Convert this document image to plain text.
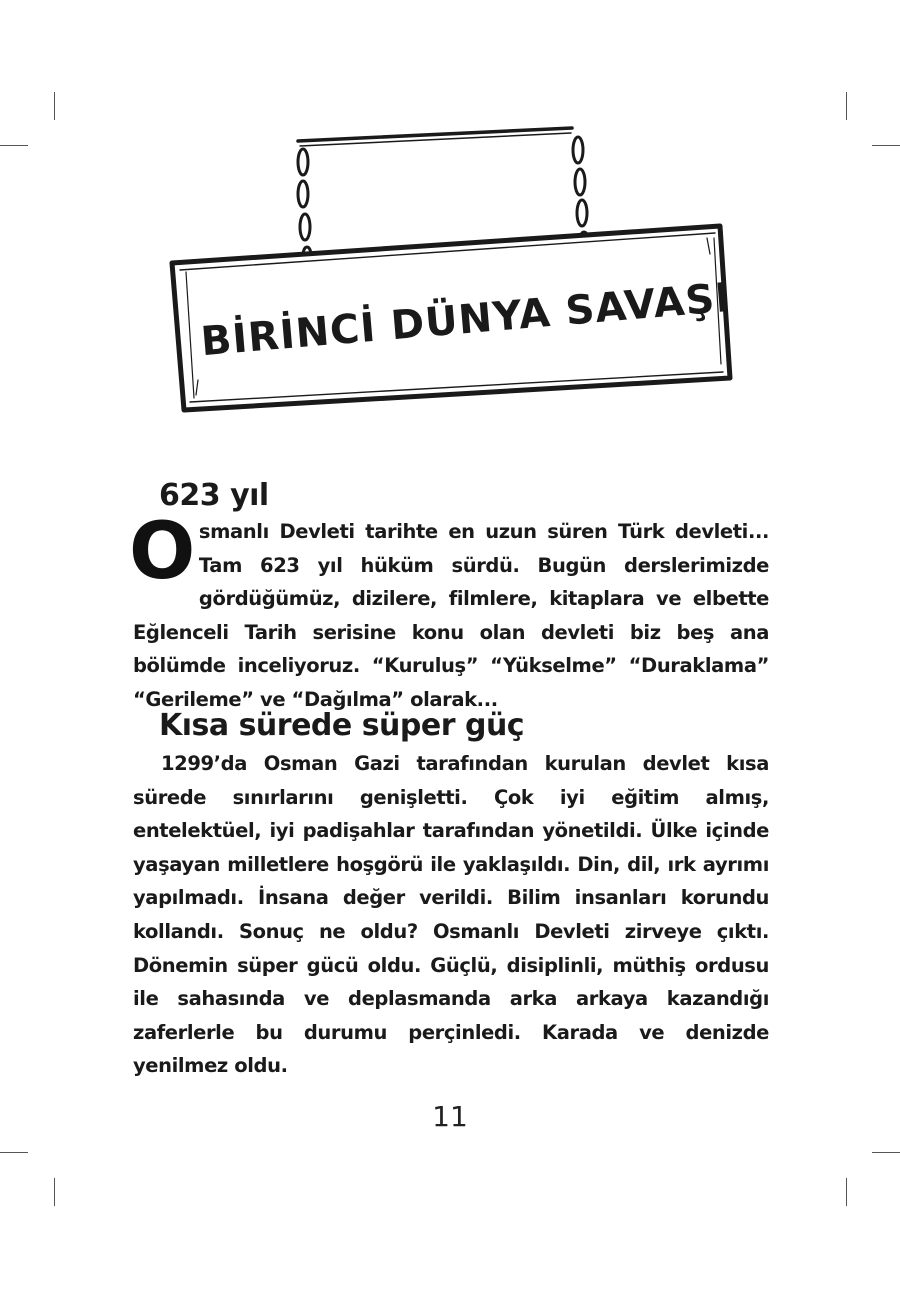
BİRİNCİ DÜNYA SAVAŞI
623 yıl

Osmanlı Devleti tarihte en uzun süren Türk devleti... Tam 623 yıl hüküm sürdü. Bugün derslerimizde gördüğümüz, dizilere, filmlere, kitaplara ve elbette Eğlenceli Tarih serisine konu olan devleti biz beş ana bölümde inceliyoruz. “Kuruluş” “Yükselme” “Duraklama” “Gerileme” ve “Dağılma” olarak...

Kısa sürede süper güç

1299’da Osman Gazi tarafından kurulan devlet kısa sürede sınırlarını genişletti. Çok iyi eğitim almış, entelektüel, iyi padişahlar tarafından yönetildi. Ülke içinde yaşayan milletlere hoşgörü ile yaklaşıldı. Din, dil, ırk ayrımı yapılmadı. İnsana değer verildi. Bilim insanları korundu kollandı. Sonuç ne oldu? Osmanlı Devleti zirveye çıktı. Dönemin süper gücü oldu. Güçlü, disiplinli, müthiş ordusu ile sahasında ve deplasmanda arka arkaya kazandığı zaferlerle bu durumu perçinledi. Karada ve denizde yenilmez oldu.

11
